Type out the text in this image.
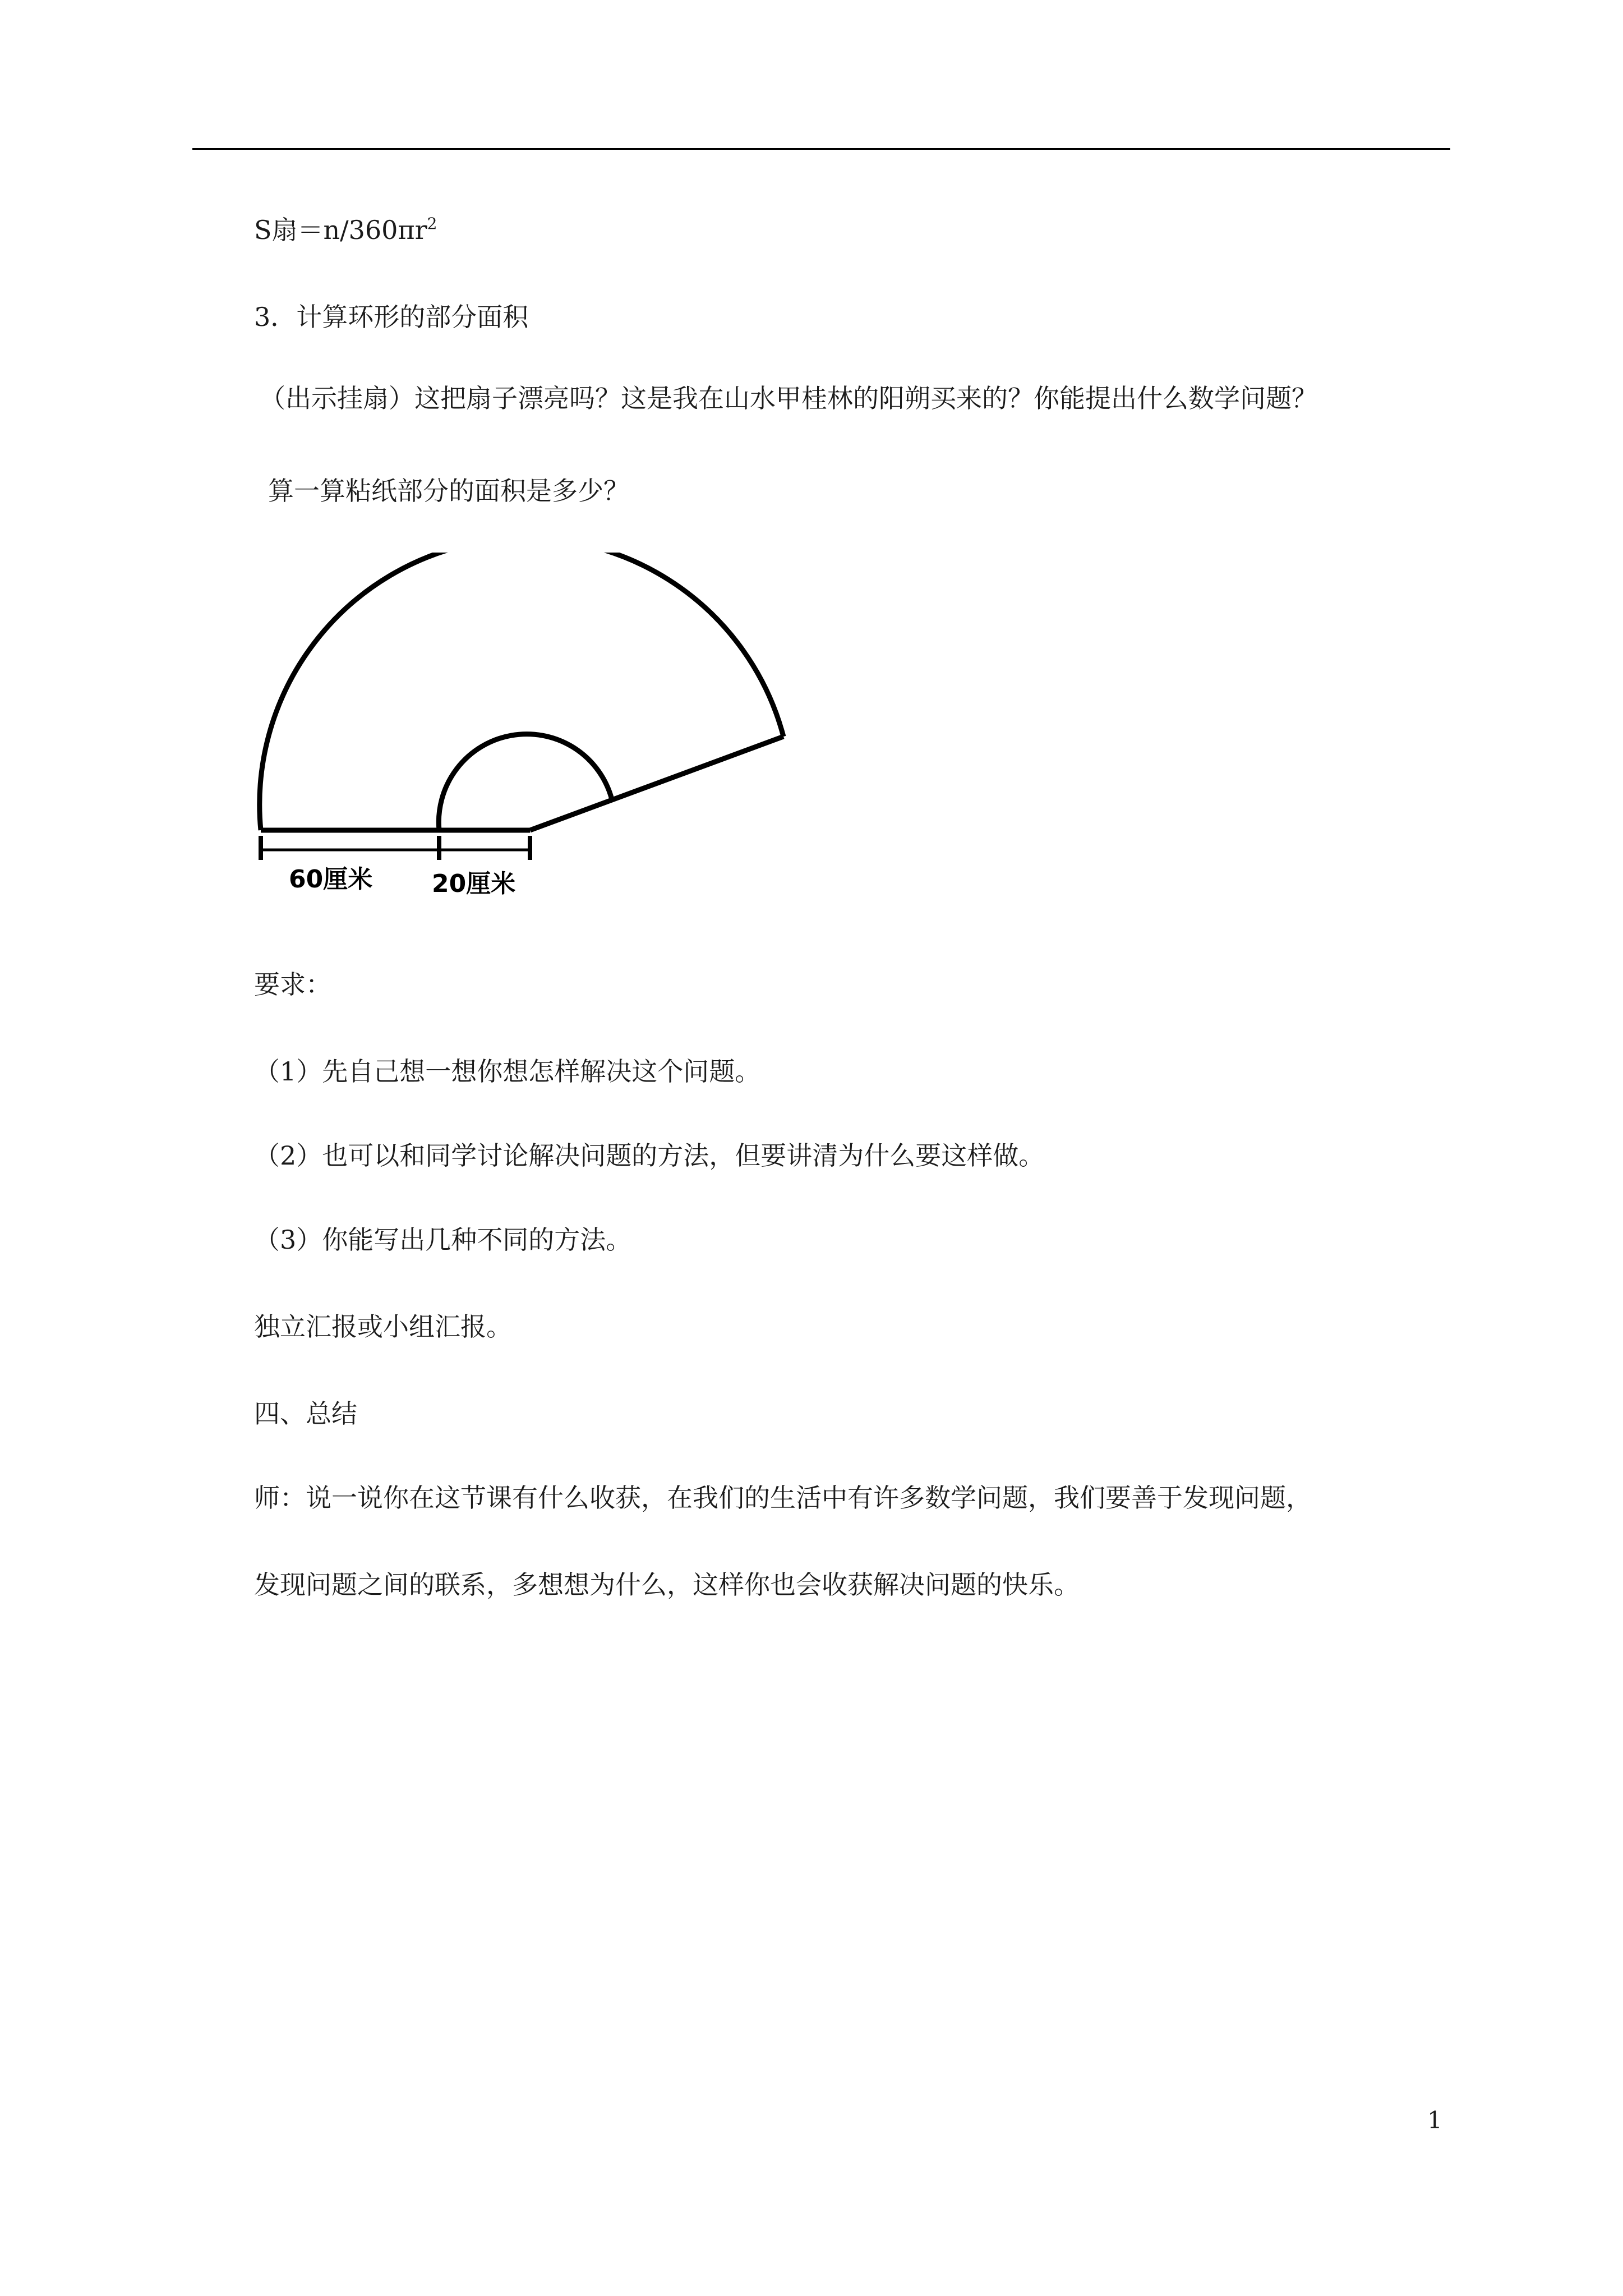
S扇$=n/360\pi r^2$
3．计算环形的部分面积
（出示挂扇）这把扇子漂亮吗？这是我在山水甲桂林的阳朔买来的？你能提出什么数学问题？
算一算粘纸部分的面积是多少？
60厘米 20厘米
要求：
（1）先自己想一想你想怎样解决这个问题。
（2）也可以和同学讨论解决问题的方法，但要讲清为什么要这样做。
（3）你能写出几种不同的方法。
独立汇报或小组汇报。
四、总结
师：说一说你在这节课有什么收获，在我们的生活中有许多数学问题，我们要善于发现问题，
发现问题之间的联系，多想想为什么，这样你也会收获解决问题的快乐。
1
